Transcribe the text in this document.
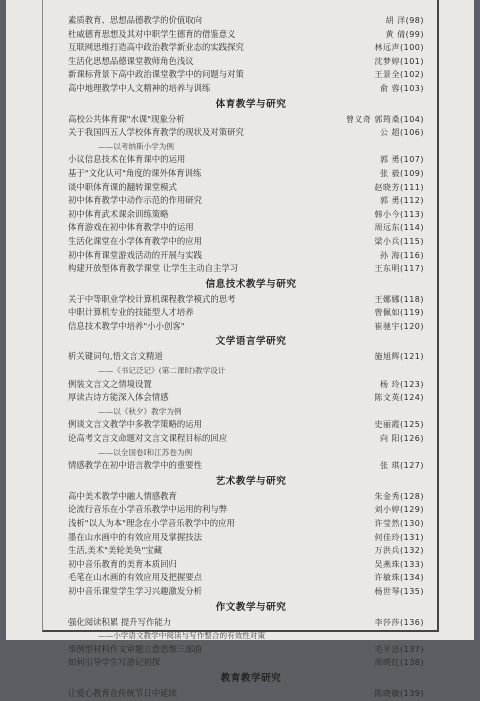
素质教育、思想品德教学的价值取向	胡 洋(98)
杜威德育思想及其对中职学生德育的借鉴意义	黄 倩(99)
互联网思维打造高中政治教学新业态的实践探究	林远声(100)
生活化思想品德课堂教师角色浅议	沈梦婷(101)
新课标背景下高中政治课堂教学中的问题与对策	王景全(102)
高中地理教学中人文精神的培养与训练	俞 蓉(103)
体育教学与研究
高校公共体育课"水课"现象分析	曾义奇 郭筠桑(104)
关于我国四五人学校体育教学的现状及对策研究	公 超(106)
——以考纳斯小学为例
小议信息技术在体育课中的运用	郭 勇(107)
基于"文化认可"角度的课外体育训练	张 毅(109)
谈中职体育课的翻转课堂模式	赵晓芳(111)
初中体育教学中动作示范的作用研究	郭 勇(112)
初中体育武术课余训练策略	韩小今(113)
体育游戏在初中体育教学中的运用	周远东(114)
生活化课堂在小学体育教学中的应用	梁小兵(115)
初中体育课堂游戏活动的开展与实践	孙 海(116)
构建开放型体育教学课堂 让学生主动自主学习	王东明(117)
信息技术教学与研究
关于中等职业学校计算机课程教学模式的思考	王娜娜(118)
中职计算机专业的技能型人才培养	曾佩如(119)
信息技术教学中培养"小小创客"	崔驰宇(120)
文学语言学研究
析关键词句,悟文言文精道	施旭辉(121)
——《书记泛记》(第二课时)教学设计
例装文言文之情境设置	杨 玲(123)
厚读古诗方能深入体会情感	陈文英(124)
——以《秋夕》教学为例
例谈文言文教学中多教学策略的运用	史丽霞(125)
论高考文言文命题对文言文课程目标的回应	向 阳(126)
——以全国卷Ⅰ和江苏卷为例
情感教学在初中语言教学中的重要性	张 琪(127)
艺术教学与研究
高中美术教学中融人情感教育	朱金秀(128)
论流行音乐在小学音乐教学中运用的利与弊	刘小婷(129)
浅析"以人为本"理念在小学音乐教学中的应用	许莹然(130)
墨在山水画中的有效应用及掌握技法	何佳玲(131)
生活,美术"美轮美奂"宝藏	万洪兵(132)
初中音乐教育的美育本质回归	吴燕珠(133)
毛笔在山水画的有效应用及把握要点	许敏珠(134)
初中音乐课堂学生学习兴趣激发分析	杨世琴(135)
作文教学与研究
强化阅读积累 提升写作能力	李莎莎(136)
——小学语文教学中阅读与写作整合的有效性对策
事例型材料作文审题立意思维三部曲	毛平洁(137)
如何引导学生写游记初探	周晓红(138)
教育教学研究
让爱心教育在传统节日中延续	陈晓敏(139)
